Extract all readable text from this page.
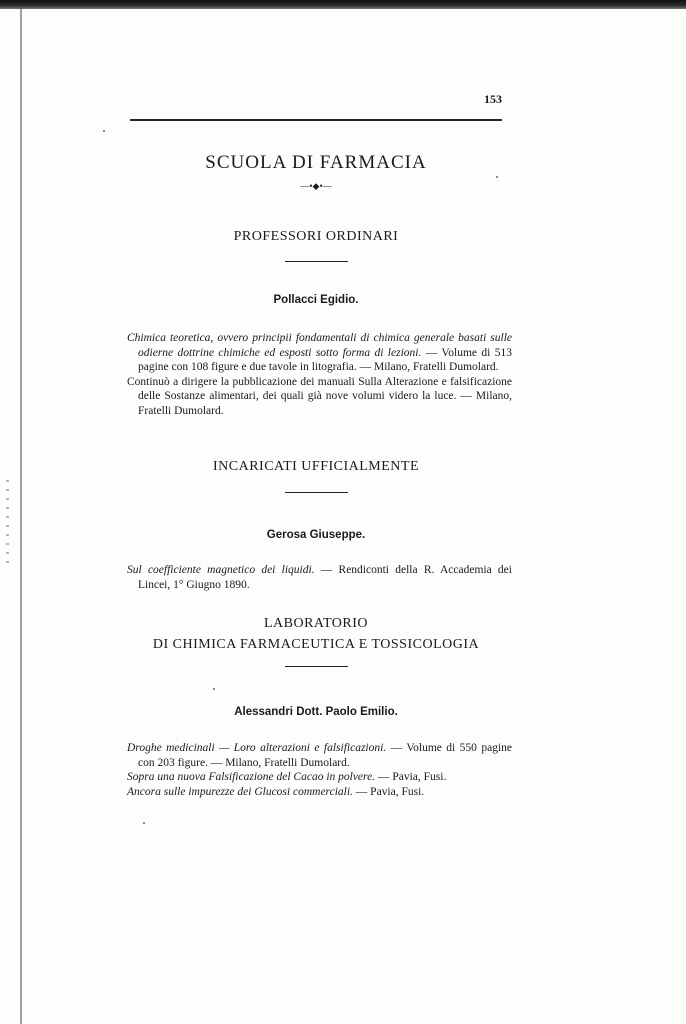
153
SCUOLA DI FARMACIA
—•◆•—
PROFESSORI ORDINARI
Pollacci Egidio.

Chimica teoretica, ovvero principii fondamentali di chimica generale basati sulle odierne dottrine chimiche ed esposti sotto forma di lezioni. — Volume di 513 pagine con 108 figure e due tavole in litografia. — Milano, Fratelli Dumolard.

Continuò a dirigere la pubblicazione dei manuali Sulla Alterazione e falsificazione delle Sostanze alimentari, dei quali già nove volumi videro la luce. — Milano, Fratelli Dumolard.

INCARICATI UFFICIALMENTE
Gerosa Giuseppe.

Sul coefficiente magnetico dei liquidi. — Rendiconti della R. Accademia dei Lincei, 1° Giugno 1890.

LABORATORIO
DI CHIMICA FARMACEUTICA E TOSSICOLOGIA
Alessandri Dott. Paolo Emilio.

Droghe medicinali — Loro alterazioni e falsificazioni. — Volume di 550 pagine con 203 figure. — Milano, Fratelli Dumolard.

Sopra una nuova Falsificazione del Cacao in polvere. — Pavia, Fusi.

Ancora sulle impurezze dei Glucosi commerciali. — Pavia, Fusi.
